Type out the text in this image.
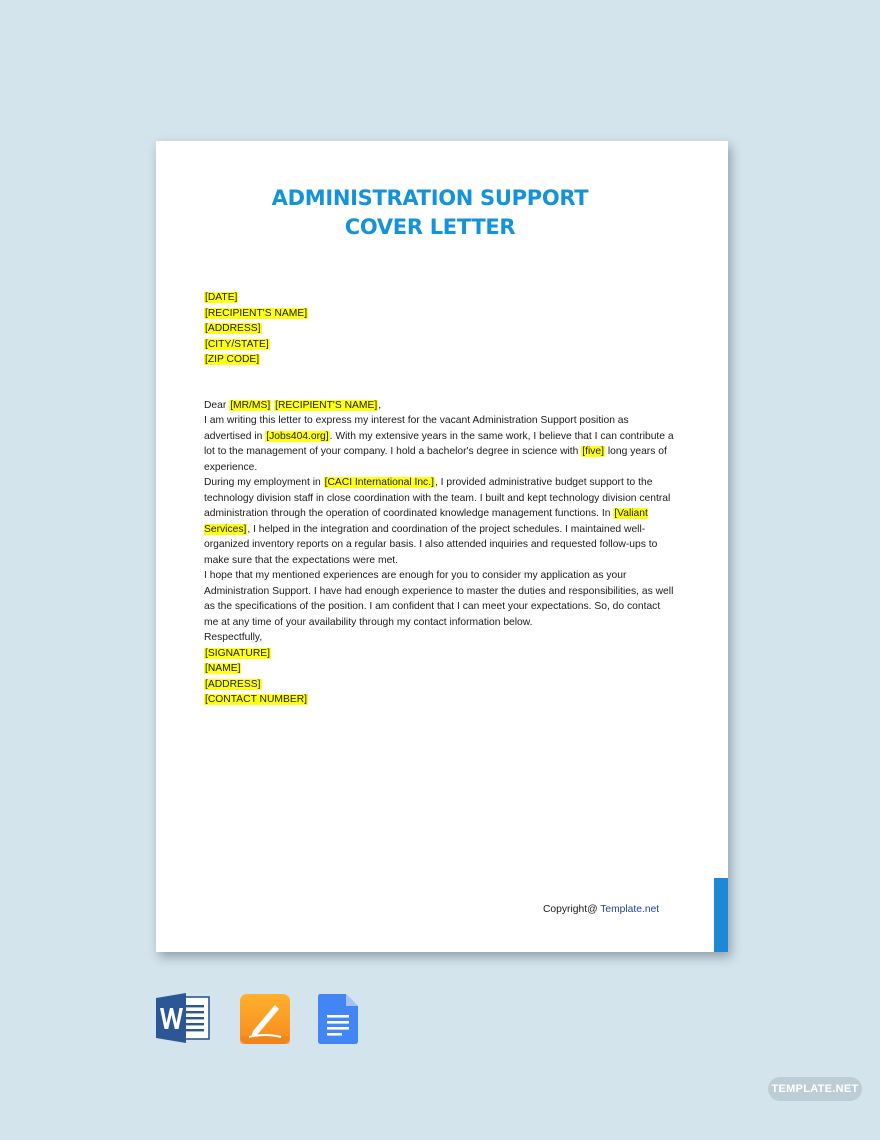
ADMINISTRATION SUPPORT
COVER LETTER

[DATE]

[RECIPIENT'S NAME]

[ADDRESS]

[CITY/STATE]

[ZIP CODE]

Dear [MR/MS] [RECIPIENT'S NAME],

I am writing this letter to express my interest for the vacant Administration Support position as advertised in [Jobs404.org]. With my extensive years in the same work, I believe that I can contribute a lot to the management of your company. I hold a bachelor's degree in science with [five] long years of experience.

During my employment in [CACI International Inc.], I provided administrative budget support to the technology division staff in close coordination with the team. I built and kept technology division central administration through the operation of coordinated knowledge management functions. In [Valiant Services], I helped in the integration and coordination of the project schedules. I maintained well-organized inventory reports on a regular basis. I also attended inquiries and requested follow-ups to make sure that the expectations were met.

I hope that my mentioned experiences are enough for you to consider my application as your Administration Support. I have had enough experience to master the duties and responsibilities, as well as the specifications of the position. I am confident that I can meet your expectations. So, do contact me at any time of your availability through my contact information below.

Respectfully,

[SIGNATURE]

[NAME]

[ADDRESS]

[CONTACT NUMBER]

Copyright@ Template.net
TEMPLATE.NET
